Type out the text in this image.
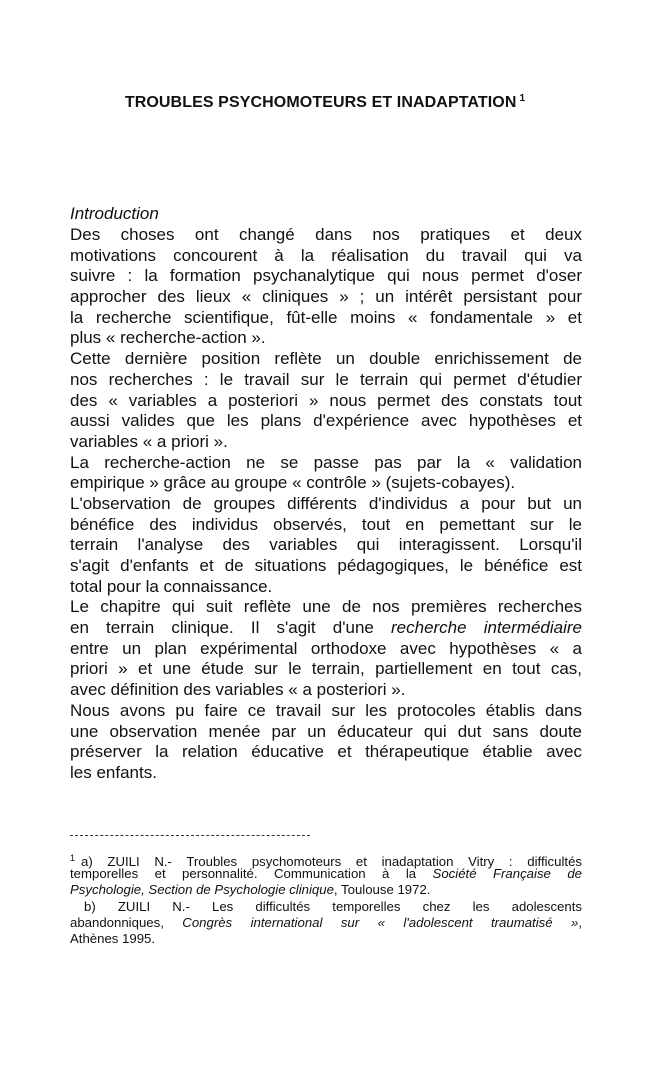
TROUBLES PSYCHOMOTEURS ET INADAPTATION $^1$
Introduction
Des choses ont changé dans nos pratiques et deux
motivations concourent à la réalisation du travail qui va
suivre : la formation psychanalytique qui nous permet d'oser
approcher des lieux « cliniques » ; un intérêt persistant pour
la recherche scientifique, fût-elle moins « fondamentale » et
plus « recherche-action ».
Cette dernière position reflète un double enrichissement de
nos recherches : le travail sur le terrain qui permet d'étudier
des « variables a posteriori » nous permet des constats tout
aussi valides que les plans d'expérience avec hypothèses et
variables « a priori ».
La recherche-action ne se passe pas par la « validation
empirique » grâce au groupe « contrôle » (sujets-cobayes).
L'observation de groupes différents d'individus a pour but un
bénéfice des individus observés, tout en pemettant sur le
terrain l'analyse des variables qui interagissent. Lorsqu'il
s'agit d'enfants et de situations pédagogiques, le bénéfice est
total pour la connaissance.
Le chapitre qui suit reflète une de nos premières recherches
en terrain clinique. Il s'agit d'une recherche intermédiaire
entre un plan expérimental orthodoxe avec hypothèses « a
priori » et une étude sur le terrain, partiellement en tout cas,
avec définition des variables « a posteriori ».
Nous avons pu faire ce travail sur les protocoles établis dans
une observation menée par un éducateur qui dut sans doute
préserver la relation éducative et thérapeutique établie avec
les enfants.
$^1$ a) ZUILI N.- Troubles psychomoteurs et inadaptation Vitry : difficultés
temporelles et personnalité. Communication à la Société Française de
Psychologie, Section de Psychologie clinique, Toulouse 1972.
b) ZUILI N.- Les difficultés temporelles chez les adolescents
abandonniques, Congrès international sur « l'adolescent traumatisé »,
Athènes 1995.
